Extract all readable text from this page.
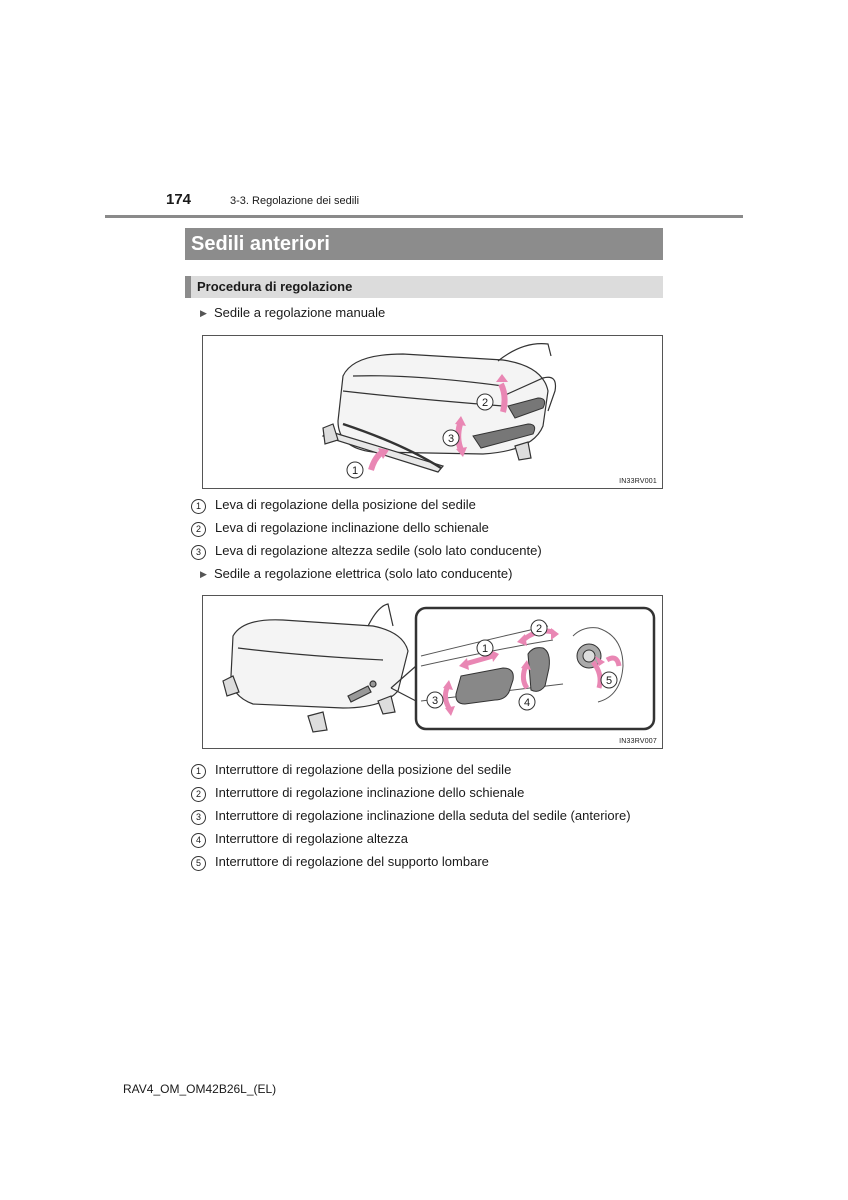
174	3-3. Regolazione dei sedili
Sedili anteriori
Procedura di regolazione
▶ Sedile a regolazione manuale
2
3
1
IN33RV001
1 Leva di regolazione della posizione del sedile
2 Leva di regolazione inclinazione dello schienale
3 Leva di regolazione altezza sedile (solo lato conducente)
▶ Sedile a regolazione elettrica (solo lato conducente)
1
2
3	4
5
IN33RV007
1 Interruttore di regolazione della posizione del sedile
2 Interruttore di regolazione inclinazione dello schienale
3 Interruttore di regolazione inclinazione della seduta del sedile (anteriore)
4 Interruttore di regolazione altezza
5 Interruttore di regolazione del supporto lombare
RAV4_OM_OM42B26L_(EL)
